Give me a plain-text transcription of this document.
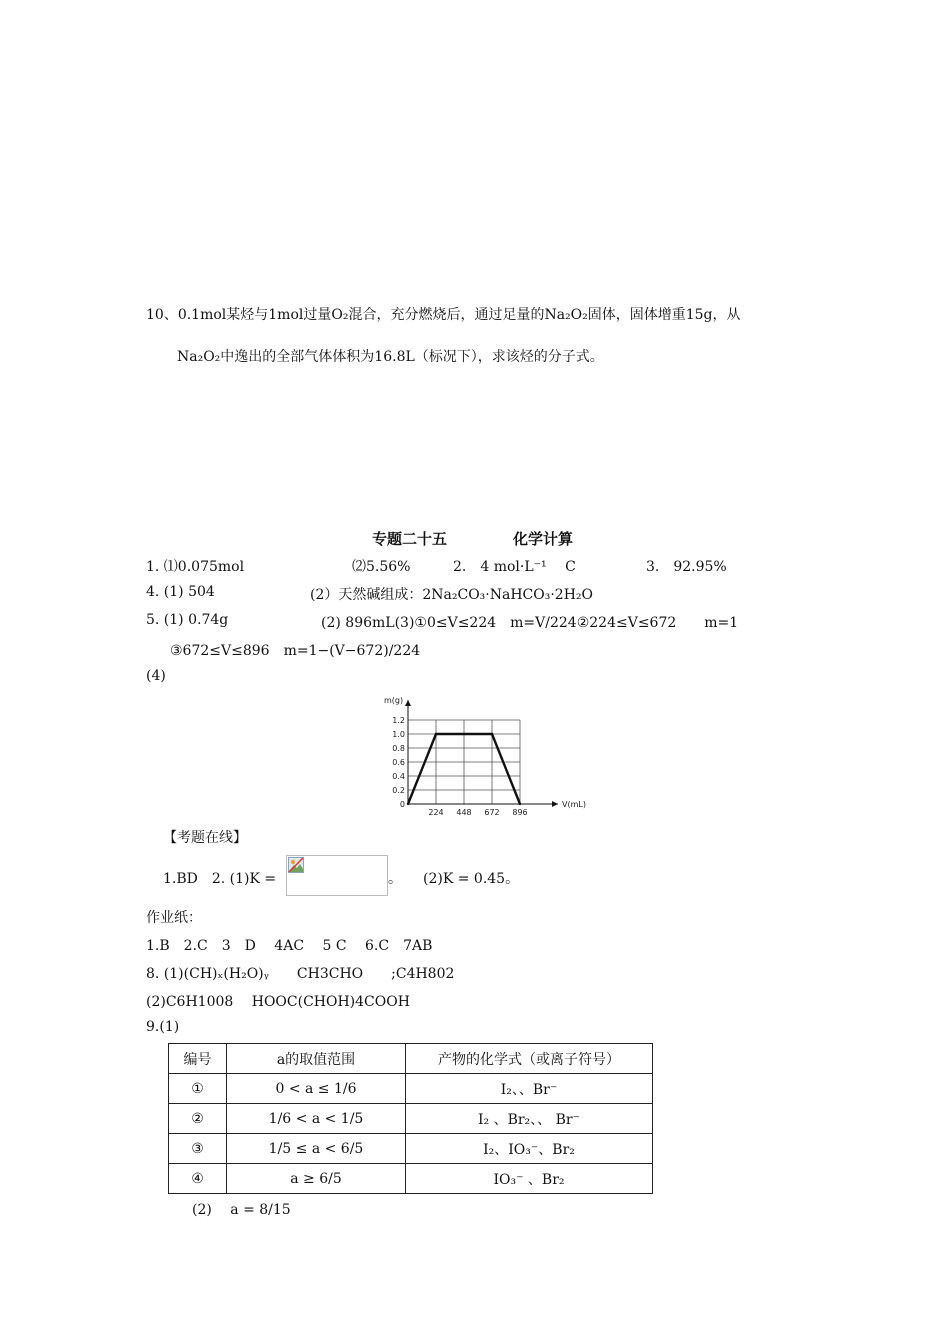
10、0.1mol某烃与1mol过量O₂混合，充分燃烧后，通过足量的Na₂O₂固体，固体增重15g，从
Na₂O₂中逸出的全部气体体积为16.8L（标况下），求该烃的分子式。
专题二十五	化学计算
1. ⑴0.075mol	⑵5.56%	2.　4 mol·L⁻¹　 C	3.　92.95%
4. (1) 504	(2）天然碱组成：2Na₂CO₃·NaHCO₃·2H₂O
5. (1) 0.74g	(2) 896mL(3)①0≤V≤224　m=V/224②224≤V≤672　　m=1
③672≤V≤896　m=1−(V−672)/224
(4)
0
0.2
0.4
0.6
0.8
1.0
1.2
224 448 672 896
V(mL)
m(g)
【考题在线】
1.BD　2. (1)K =	。　　(2)K = 0.45。
作业纸：
1.B　2.C　3　D　 4AC　 5 C　 6.C　7AB
8. (1)(CH)ₓ(H₂O)ᵧ　　CH3CHO　　;C4H802
(2)C6H1008　 HOOC(CHOH)4COOH
9.(1)
编号	a的取值范围	产物的化学式（或离子符号）
①	0 < a ≤ 1/6	I₂、、Br⁻
②	1/6 < a < 1/5	I₂ 、Br₂、、 Br⁻
③	1/5 ≤ a < 6/5	I₂、IO₃⁻、Br₂
④	a ≥ 6/5	IO₃⁻ 、Br₂
(2)　 a = 8/15
